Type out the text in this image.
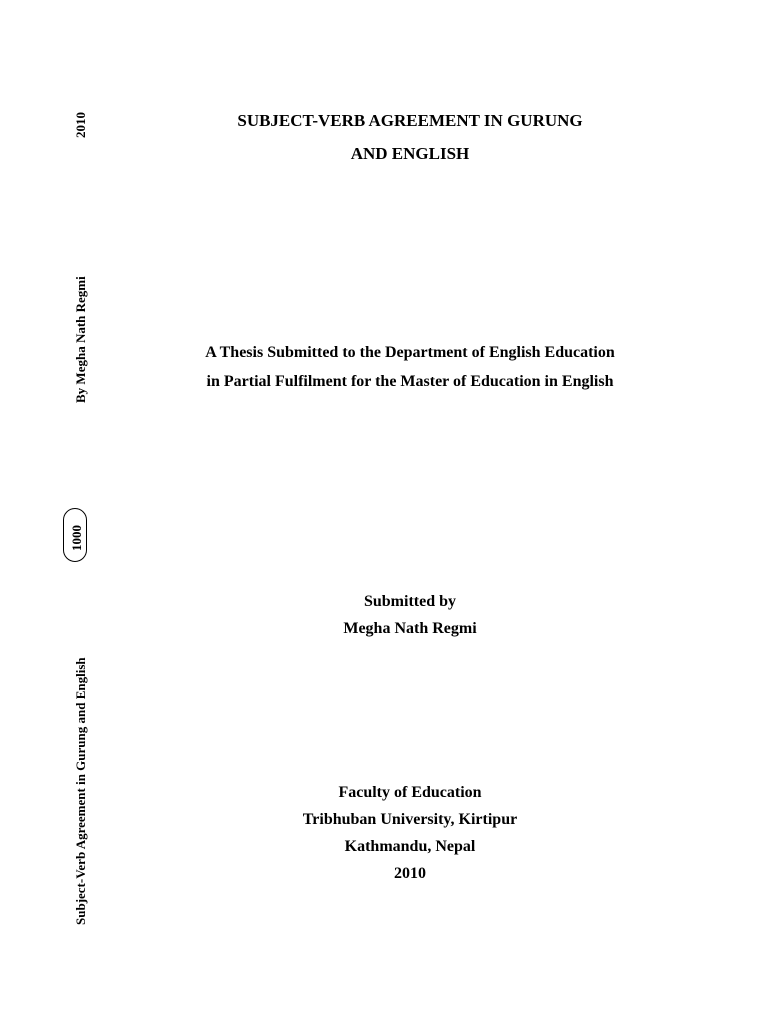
2010
By Megha Nath Regmi
1000
Subject-Verb Agreement in Gurung and English
SUBJECT-VERB AGREEMENT IN GURUNG
AND ENGLISH
A Thesis Submitted to the Department of English Education
in Partial Fulfilment for the Master of Education in English
Submitted by
Megha Nath Regmi
Faculty of Education
Tribhuban University, Kirtipur
Kathmandu, Nepal
2010
